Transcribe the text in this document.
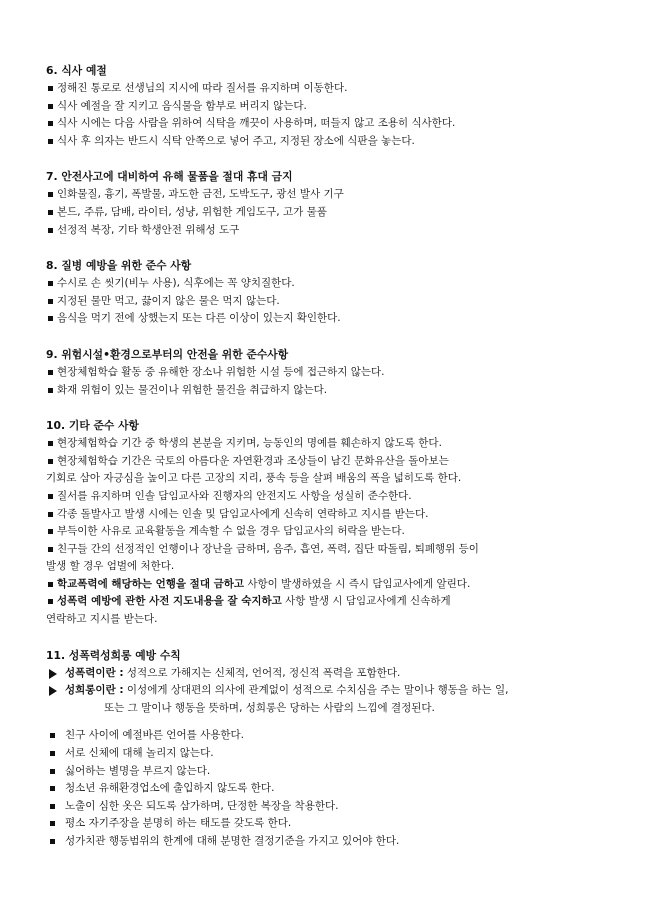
6. 식사 예절
정해진 통로로 선생님의 지시에 따라 질서를 유지하며 이동한다.
식사 예절을 잘 지키고 음식물을 함부로 버리지 않는다.
식사 시에는 다음 사람을 위하여 식탁을 깨끗이 사용하며, 떠들지 않고 조용히 식사한다.
식사 후 의자는 반드시 식탁 안쪽으로 넣어 주고, 지정된 장소에 식판을 놓는다.
7. 안전사고에 대비하여 유해 물품을 절대 휴대 금지
인화물질, 흉기, 폭발물, 과도한 금전, 도박도구, 광선 발사 기구
본드, 주류, 담배, 라이터, 성냥, 위험한 게임도구, 고가 물품
선정적 복장, 기타 학생안전 위해성 도구
8. 질병 예방을 위한 준수 사항
수시로 손 씻기(비누 사용), 식후에는 꼭 양치질한다.
지정된 물만 먹고, 끓이지 않은 물은 먹지 않는다.
음식을 먹기 전에 상했는지 또는 다른 이상이 있는지 확인한다.
9. 위험시설•환경으로부터의 안전을 위한 준수사항
현장체험학습 활동 중 유해한 장소나 위험한 시설 등에 접근하지 않는다.
화재 위험이 있는 물건이나 위험한 물건을 취급하지 않는다.
10. 기타 준수 사항
현장체험학습 기간 중 학생의 본분을 지키며, 능동인의 명예를 훼손하지 않도록 한다.
현장체험학습 기간은 국토의 아름다운 자연환경과 조상들이 남긴 문화유산을 돌아보는
기회로 삼아 자긍심을 높이고 다른 고장의 지리, 풍속 등을 살펴 배움의 폭을 넓히도록 한다.
질서를 유지하며 인솔 담임교사와 진행자의 안전지도 사항을 성실히 준수한다.
각종 돌발사고 발생 시에는 인솔 및 담임교사에게 신속히 연락하고 지시를 받는다.
부득이한 사유로 교육활동을 계속할 수 없을 경우 담임교사의 허락을 받는다.
친구들 간의 선정적인 언행이나 장난을 금하며, 음주, 흡연, 폭력, 집단 따돌림, 퇴폐행위 등이
발생 할 경우 엄벌에 처한다.
학교폭력에 해당하는 언행을 절대 금하고 사항이 발생하였을 시 즉시 담임교사에게 알린다.
성폭력 예방에 관한 사전 지도내용을 잘 숙지하고 사항 발생 시 담임교사에게 신속하게
연락하고 지시를 받는다.
11. 성폭력성희롱 예방 수칙
성폭력이란 : 성적으로 가해지는 신체적, 언어적, 정신적 폭력을 포함한다.
성희롱이란 : 이성에게 상대편의 의사에 관계없이 성적으로 수치심을 주는 말이나 행동을 하는 일,
또는 그 말이나 행동을 뜻하며, 성희롱은 당하는 사람의 느낌에 결정된다.
친구 사이에 예절바른 언어를 사용한다.
서로 신체에 대해 놀리지 않는다.
싫어하는 별명을 부르지 않는다.
청소년 유해환경업소에 출입하지 않도록 한다.
노출이 심한 옷은 되도록 삼가하며, 단정한 복장을 착용한다.
평소 자기주장을 분명히 하는 태도를 갖도록 한다.
성가치관 행동범위의 한계에 대해 분명한 결정기준을 가지고 있어야 한다.
